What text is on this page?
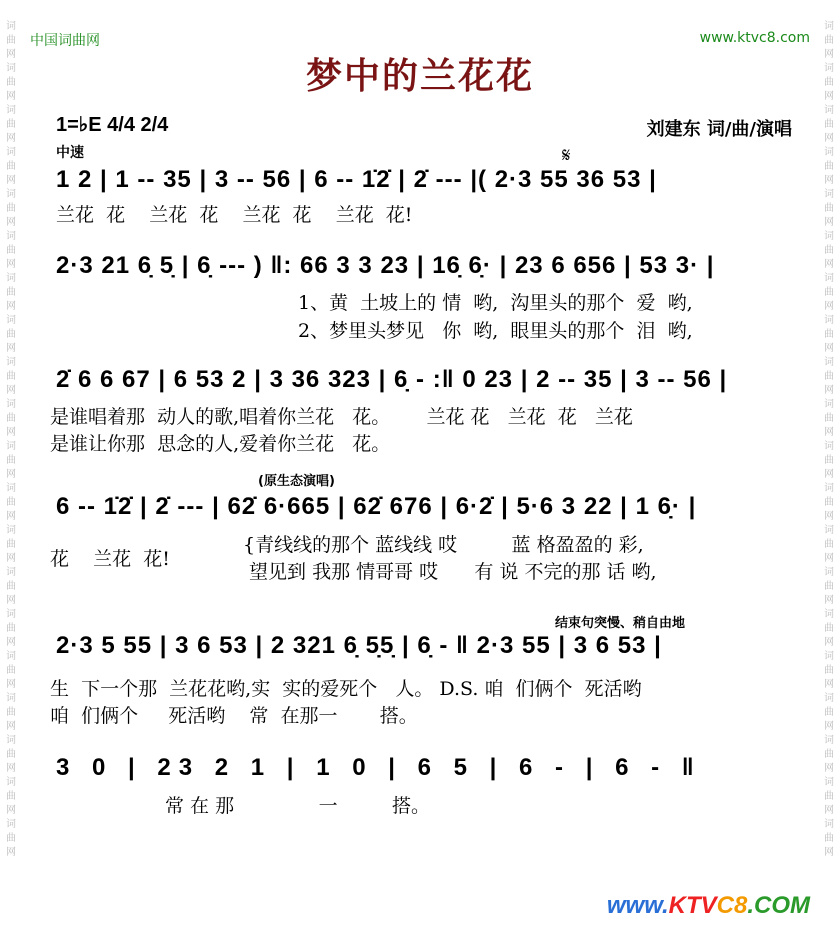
词曲网词曲网词曲网词曲网词曲网词曲网词曲网词曲网词曲网词曲网词曲网词曲网词曲网词曲网词曲网词曲网词曲网词曲网词曲网词曲网
词曲网词曲网词曲网词曲网词曲网词曲网词曲网词曲网词曲网词曲网词曲网词曲网词曲网词曲网词曲网词曲网词曲网词曲网词曲网词曲网
中国词曲网	www.ktvc8.com
梦中的兰花花
1=♭E 4/4 2/4	刘建东 词/曲/演唱
中速	𝄋
1 2 | 1 -- 35 | 3 -- 56 | 6 -- 1̇2̇ | 2̇ --- |( 2·3 55 36 53 |
兰花  花    兰花  花    兰花  花    兰花  花!
2·3 21 6̣ 5̣ | 6̣ --- ) ‖: 66 3 3 23 | 16̣ 6̣· | 23 6 656 | 53 3· |
1、黄  土坡上的 情  哟,  沟里头的那个  爱  哟,
2、梦里头梦见   你  哟,  眼里头的那个  泪  哟,
2̇ 6 6 67 | 6 53 2 | 3 36 323 | 6̣ - :‖ 0 23 | 2 -- 35 | 3 -- 56 |
是谁唱着那  动人的歌,唱着你兰花   花。      兰花 花   兰花  花   兰花
是谁让你那  思念的人,爱着你兰花   花。
(原生态演唱)
6 -- 1̇2̇ | 2̇ --- | 62̇ 6·665 | 62̇ 676 | 6·2̇ | 5·6 3 22 | 1 6̣· |
花    兰花  花!
{青线线的那个 蓝线线 哎         蓝 格盈盈的 彩,
望见到 我那 情哥哥 哎      有 说 不完的那 话 哟,
结束句突慢、稍自由地
2·3 5 55 | 3 6 53 | 2 321 6̣ 5̣5̣ | 6̣ - ‖ 2·3 55 | 3 6 53 |
生  下一个那  兰花花哟,实  实的爱死个   人。 D.S. 咱  们俩个  死活哟
咱  们俩个     死活哟    常  在那一       搭。
3 0 | 23 2 1 | 1 0 | 6 5 | 6 - | 6 - ‖
常 在 那              一         搭。

www.KTVC8.COM
